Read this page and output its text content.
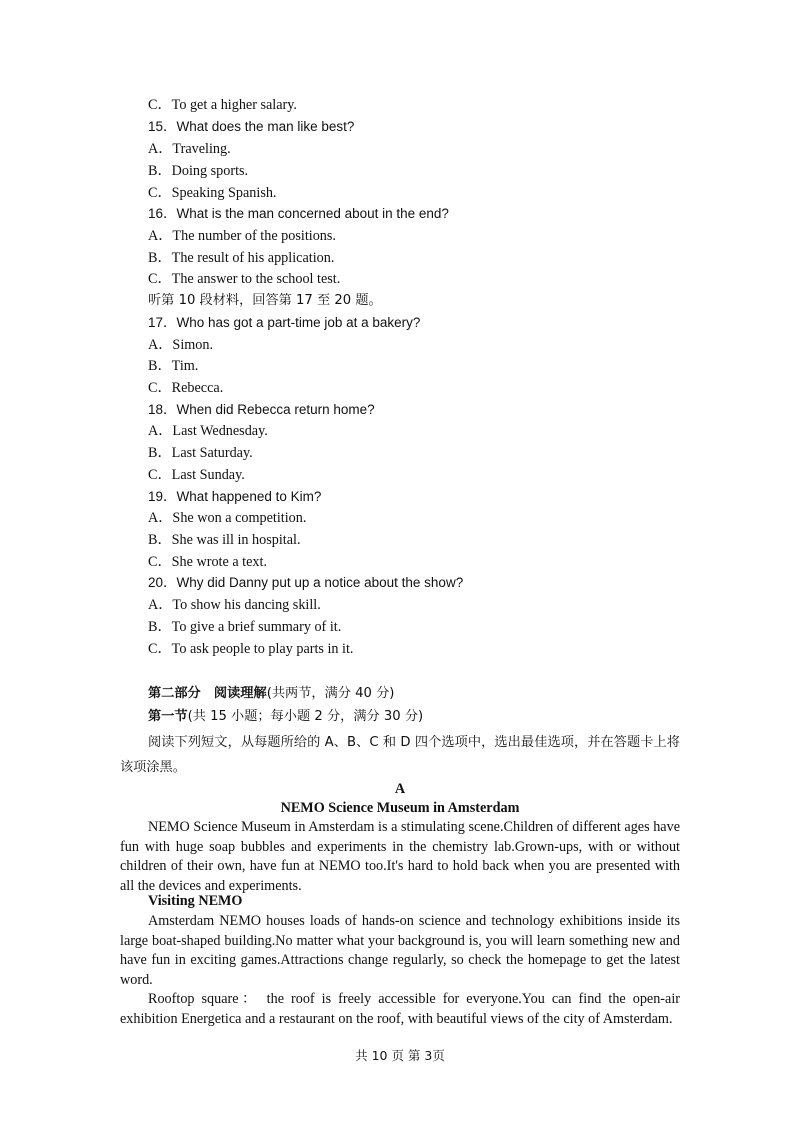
C．To get a higher salary.
15．What does the man like best?
A．Traveling.
B．Doing sports.
C．Speaking Spanish.
16．What is the man concerned about in the end?
A．The number of the positions.
B．The result of his application.
C．The answer to the school test.
听第 10 段材料，回答第 17 至 20 题。
17．Who has got a part-time job at a bakery?
A．Simon.
B．Tim.
C．Rebecca.
18．When did Rebecca return home?
A．Last Wednesday.
B．Last Saturday.
C．Last Sunday.
19．What happened to Kim?
A．She won a competition.
B．She was ill in hospital.
C．She wrote a text.
20．Why did Danny put up a notice about the show?
A．To show his dancing skill.
B．To give a brief summary of it.
C．To ask people to play parts in it.
第二部分　阅读理解(共两节，满分 40 分)
第一节(共 15 小题；每小题 2 分，满分 30 分)
阅读下列短文，从每题所给的 A、B、C 和 D 四个选项中，选出最佳选项，并在答题卡上将该项涂黑。
A
NEMO Science Museum in Amsterdam
NEMO Science Museum in Amsterdam is a stimulating scene.Children of different ages have fun with huge soap bubbles and experiments in the chemistry lab.Grown-ups, with or without children of their own, have fun at NEMO too.It's hard to hold back when you are presented with all the devices and experiments.
Visiting NEMO
Amsterdam NEMO houses loads of hands-on science and technology exhibitions inside its large boat-shaped building.No matter what your background is, you will learn something new and have fun in exciting games.Attractions change regularly, so check the homepage to get the latest word.
Rooftop square： the roof is freely accessible for everyone.You can find the open-air exhibition Energetica and a restaurant on the roof, with beautiful views of the city of Amsterdam.
共 10 页 第 3页
